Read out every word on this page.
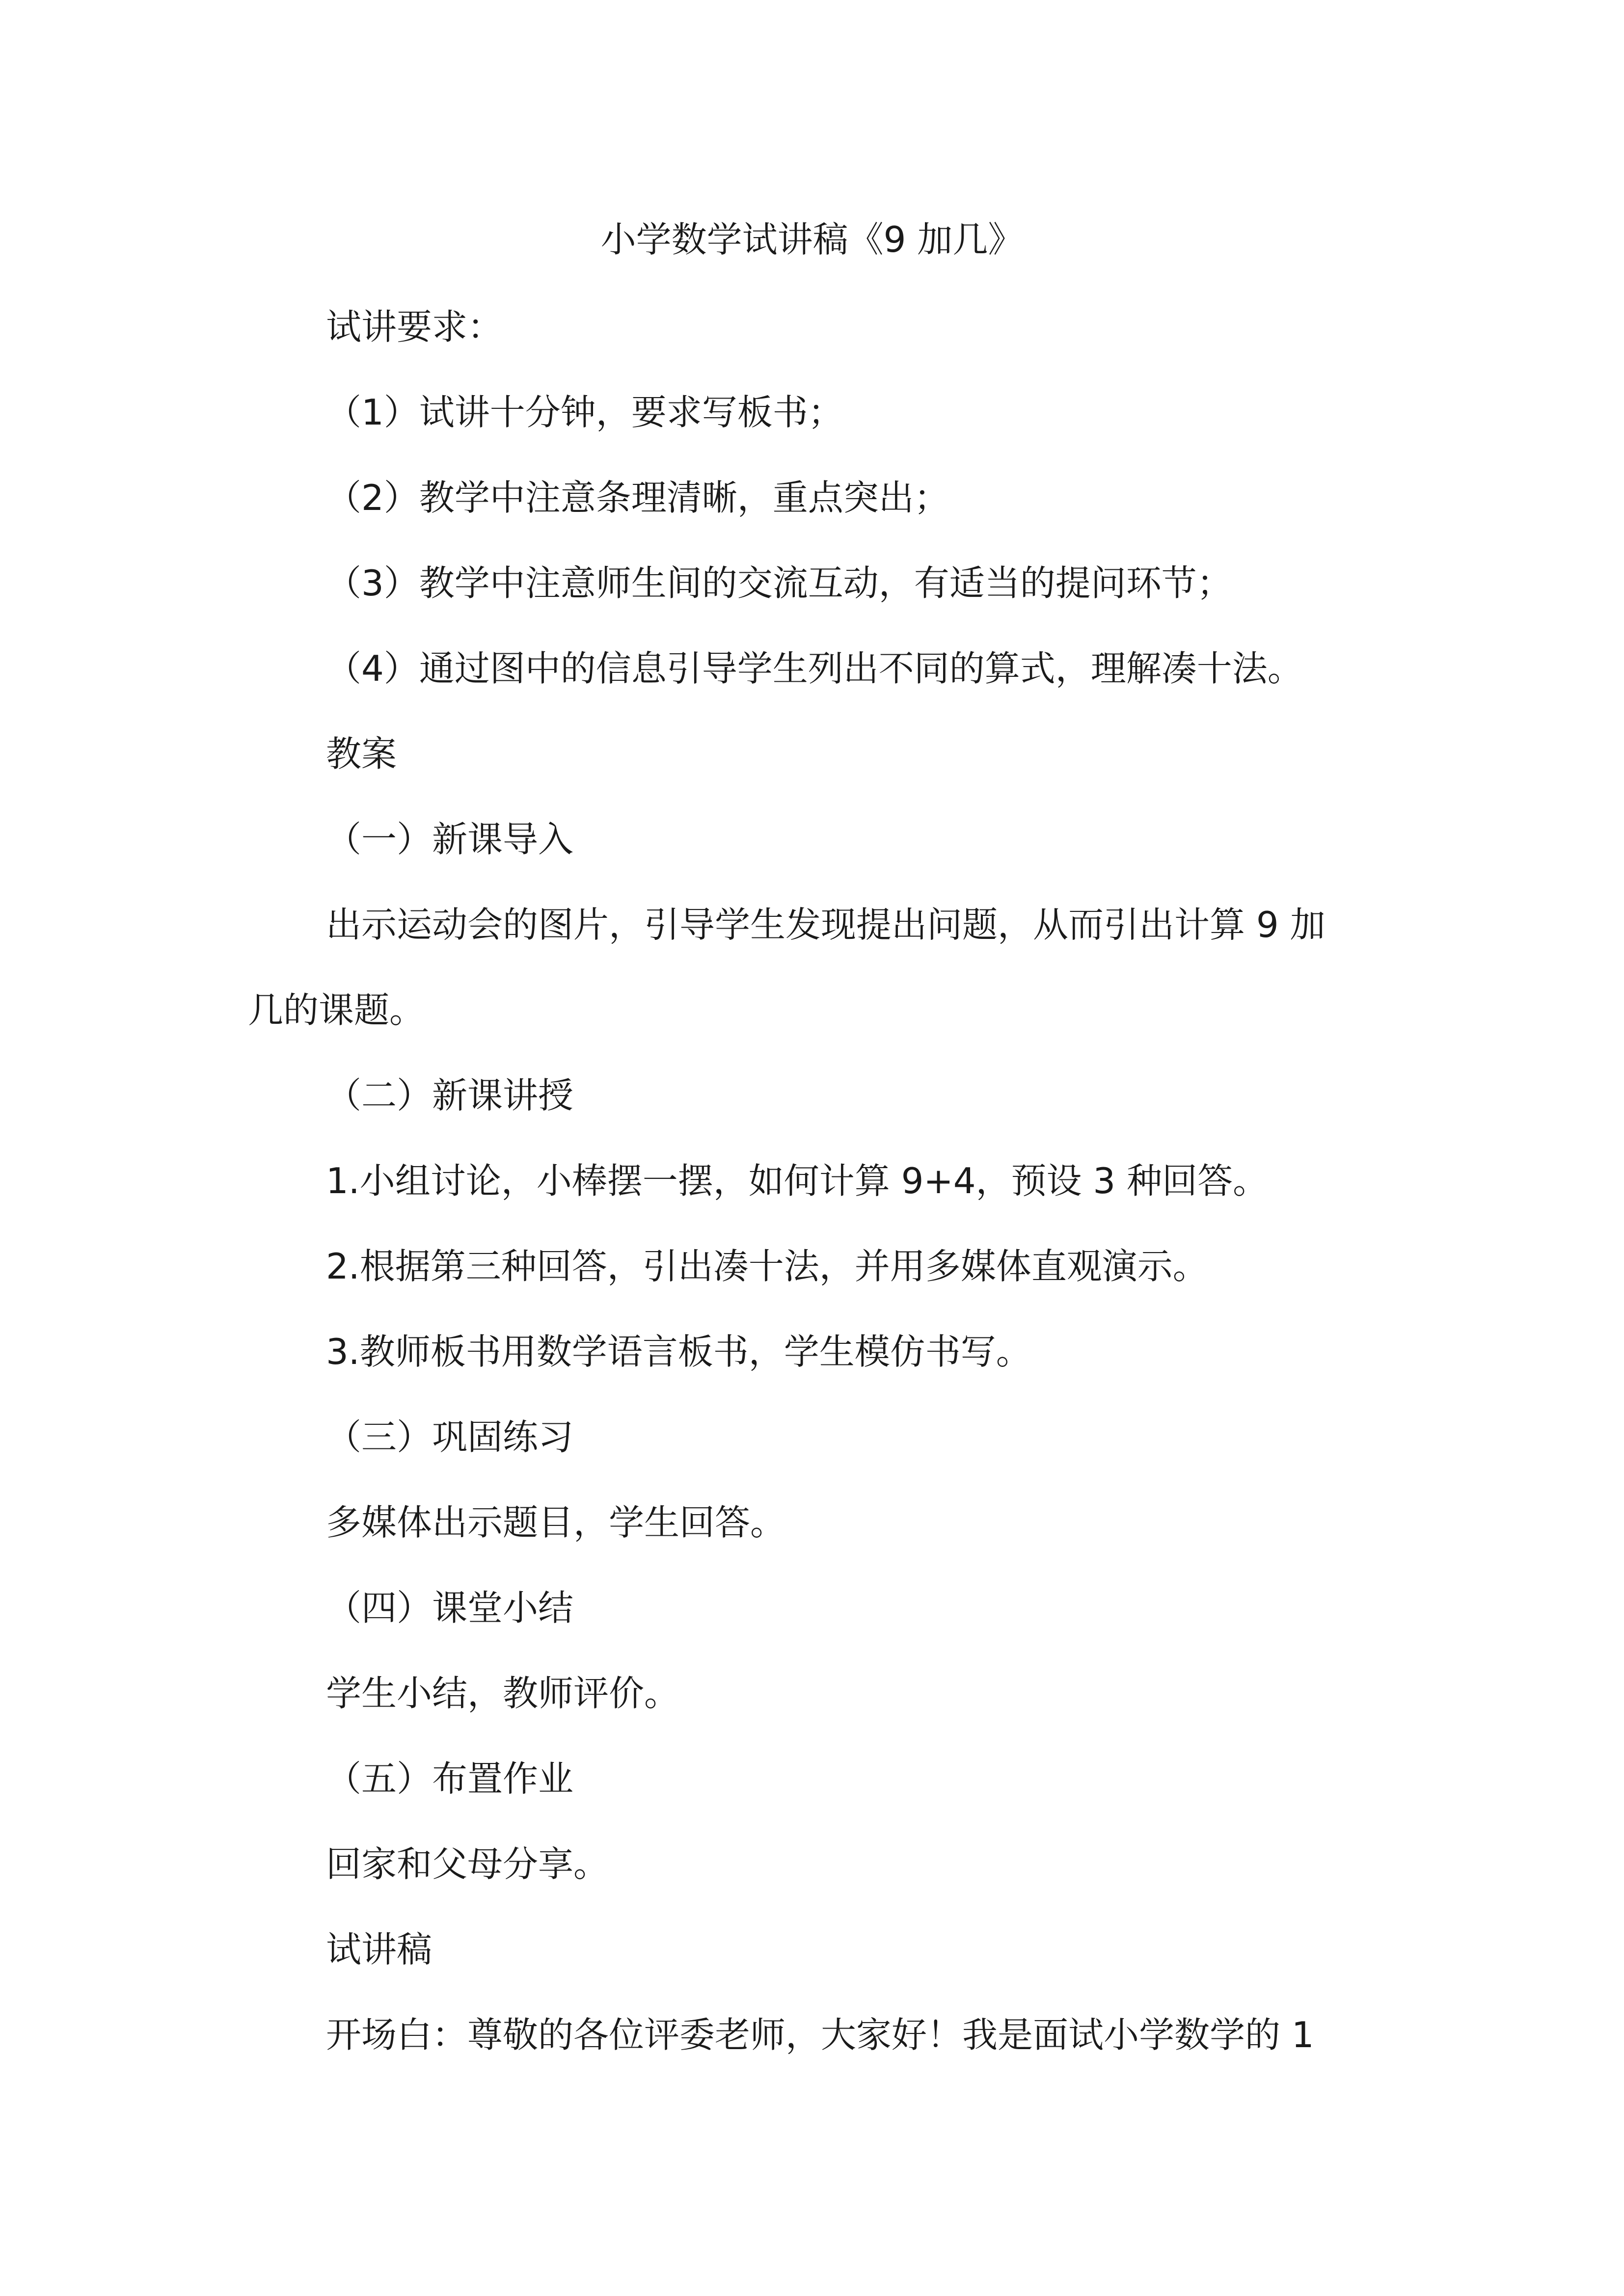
小学数学试讲稿《9 加几》
试讲要求：
（1）试讲十分钟，要求写板书；
（2）教学中注意条理清晰，重点突出；
（3）教学中注意师生间的交流互动，有适当的提问环节；
（4）通过图中的信息引导学生列出不同的算式，理解凑十法。
教案
（一）新课导入
出示运动会的图片，引导学生发现提出问题，从而引出计算 9 加
几的课题。
（二）新课讲授
1.小组讨论，小棒摆一摆，如何计算 9+4，预设 3 种回答。
2.根据第三种回答，引出凑十法，并用多媒体直观演示。
3.教师板书用数学语言板书，学生模仿书写。
（三）巩固练习
多媒体出示题目，学生回答。
（四）课堂小结
学生小结，教师评价。
（五）布置作业
回家和父母分享。
试讲稿
开场白：尊敬的各位评委老师，大家好！我是面试小学数学的 1
